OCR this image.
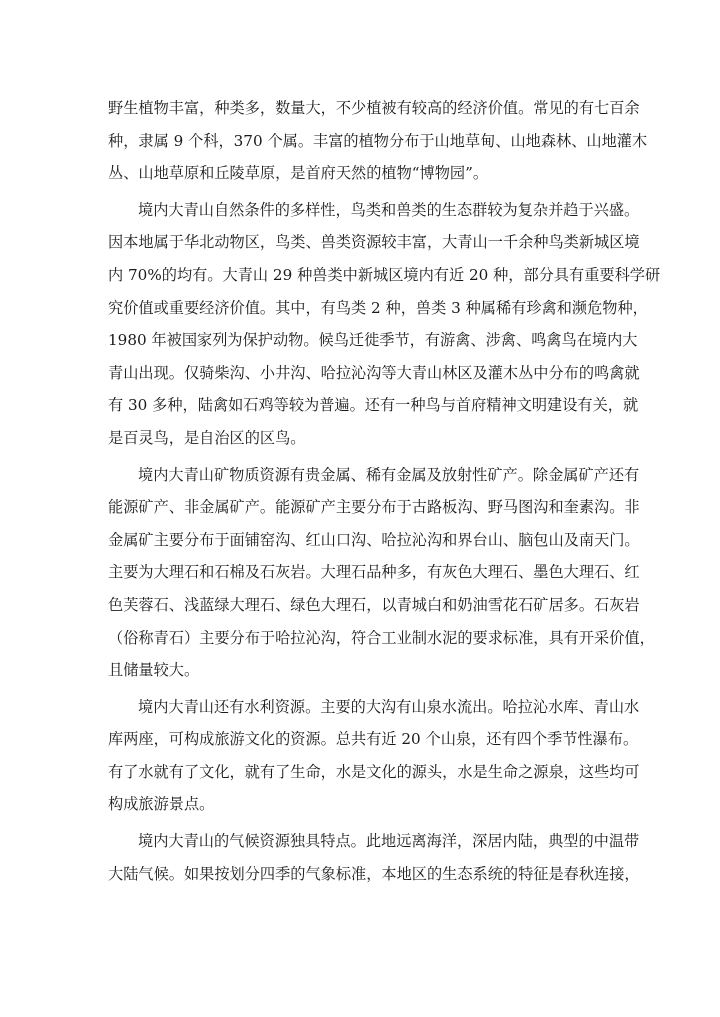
野生植物丰富，种类多，数量大，不少植被有较高的经济价值。常见的有七百余
种，隶属 9 个科，370 个属。丰富的植物分布于山地草甸、山地森林、山地灌木
丛、山地草原和丘陵草原，是首府天然的植物“博物园”。
境内大青山自然条件的多样性，鸟类和兽类的生态群较为复杂并趋于兴盛。
因本地属于华北动物区，鸟类、兽类资源较丰富，大青山一千余种鸟类新城区境
内 70%的均有。大青山 29 种兽类中新城区境内有近 20 种，部分具有重要科学研
究价值或重要经济价值。其中，有鸟类 2 种，兽类 3 种属稀有珍禽和濒危物种，
1980 年被国家列为保护动物。候鸟迁徙季节，有游禽、涉禽、鸣禽鸟在境内大
青山出现。仅骑柴沟、小井沟、哈拉沁沟等大青山林区及灌木丛中分布的鸣禽就
有 30 多种，陆禽如石鸡等较为普遍。还有一种鸟与首府精神文明建设有关，就
是百灵鸟，是自治区的区鸟。
境内大青山矿物质资源有贵金属、稀有金属及放射性矿产。除金属矿产还有
能源矿产、非金属矿产。能源矿产主要分布于古路板沟、野马图沟和奎素沟。非
金属矿主要分布于面铺窑沟、红山口沟、哈拉沁沟和界台山、脑包山及南天门。
主要为大理石和石棉及石灰岩。大理石品种多，有灰色大理石、墨色大理石、红
色芙蓉石、浅蓝绿大理石、绿色大理石，以青城白和奶油雪花石矿居多。石灰岩
（俗称青石）主要分布于哈拉沁沟，符合工业制水泥的要求标准，具有开采价值，
且储量较大。
境内大青山还有水利资源。主要的大沟有山泉水流出。哈拉沁水库、青山水
库两座，可构成旅游文化的资源。总共有近 20 个山泉，还有四个季节性瀑布。
有了水就有了文化，就有了生命，水是文化的源头，水是生命之源泉，这些均可
构成旅游景点。
境内大青山的气候资源独具特点。此地远离海洋，深居内陆，典型的中温带
大陆气候。如果按划分四季的气象标准，本地区的生态系统的特征是春秋连接，
